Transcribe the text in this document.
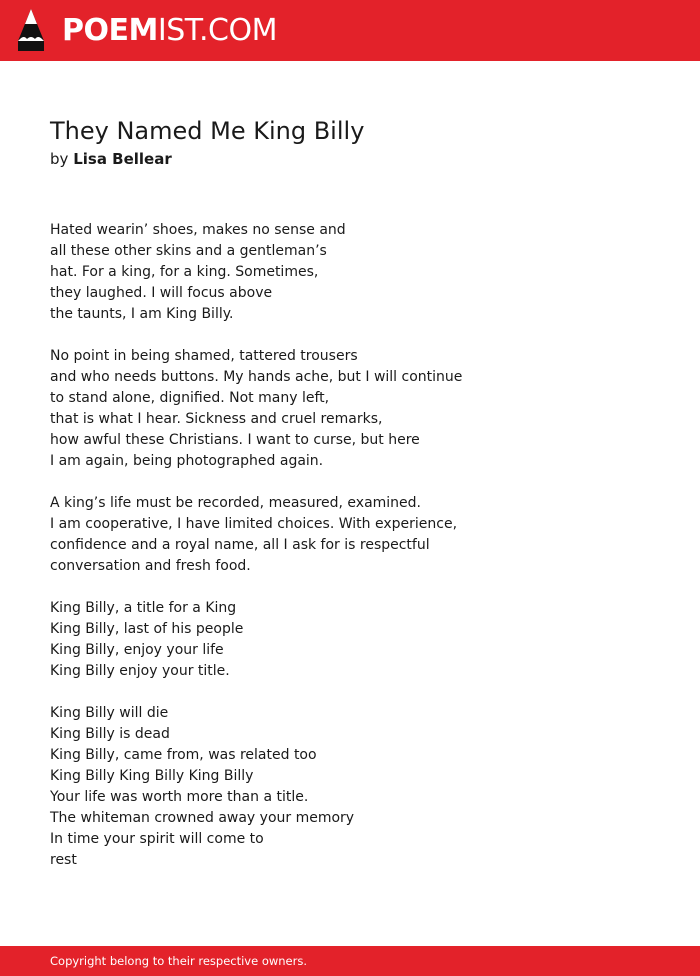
POEMIST.COM
They Named Me King Billy

by Lisa Bellear

Hated wearin’ shoes, makes no sense and
all these other skins and a gentleman’s
hat. For a king, for a king. Sometimes,
they laughed. I will focus above
the taunts, I am King Billy.
No point in being shamed, tattered trousers
and who needs buttons. My hands ache, but I will continue
to stand alone, dignified. Not many left,
that is what I hear. Sickness and cruel remarks,
how awful these Christians. I want to curse, but here
I am again, being photographed again.
A king’s life must be recorded, measured, examined.
I am cooperative, I have limited choices. With experience,
confidence and a royal name, all I ask for is respectful
conversation and fresh food.
King Billy, a title for a King
King Billy, last of his people
King Billy, enjoy your life
King Billy enjoy your title.
King Billy will die
King Billy is dead
King Billy, came from, was related too
King Billy King Billy King Billy
Your life was worth more than a title.
The whiteman crowned away your memory
In time your spirit will come to
rest
Copyright belong to their respective owners.
